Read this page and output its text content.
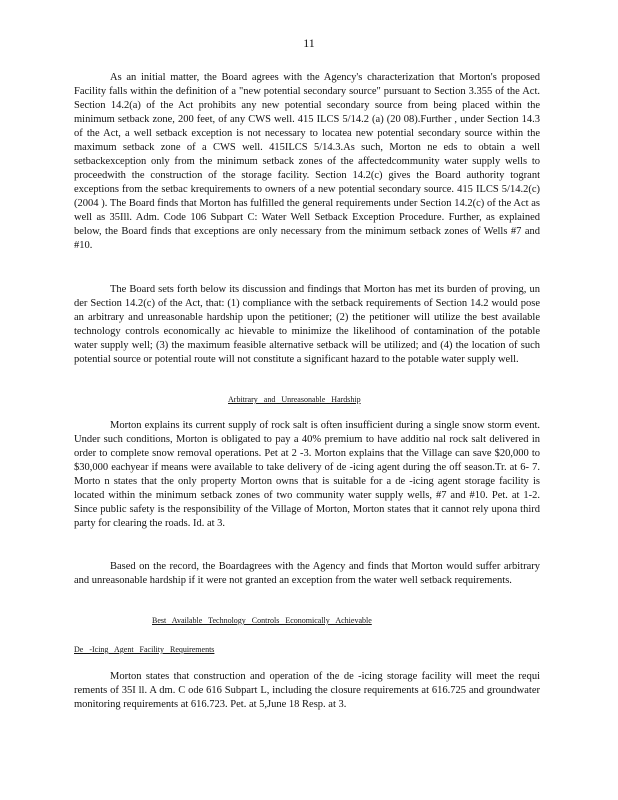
11

As an initial matter, the Board agrees with the Agency's characterization that Morton's proposed Facility falls within the definition of a "new potential secondary source" pursuant to Section 3.355 of the Act. Section 14.2(a) of the Act prohibits any new potential secondary source from being placed within the minimum setback zone, 200 feet, of any CWS well. 415 ILCS 5/14.2 (a) (20 08).Further , under Section 14.3 of the Act, a well setback exception is not necessary to locatea new potential secondary source within the maximum setback zone of a CWS well. 415ILCS 5/14.3.As such, Morton ne eds to obtain a well setbackexception only from the minimum setback zones of the affectedcommunity water supply wells to proceedwith the construction of the storage facility. Section 14.2(c) gives the Board authority togrant exceptions from the setbac krequirements to owners of a new potential secondary source. 415 ILCS 5/14.2(c) (2004 ). The Board finds that Morton has fulfilled the general requirements under Section 14.2(c) of the Act as well as 35Ill. Adm. Code 106 Subpart C: Water Well Setback Exception Procedure. Further, as explained below, the Board finds that exceptions are only necessary from the minimum setback zones of Wells #7 and #10.

The Board sets forth below its discussion and findings that Morton has met its burden of proving, un der Section 14.2(c) of the Act, that: (1) compliance with the setback requirements of Section 14.2 would pose an arbitrary and unreasonable hardship upon the petitioner; (2) the petitioner will utilize the best available technology controls economically ac hievable to minimize the likelihood of contamination of the potable water supply well; (3) the maximum feasible alternative setback will be utilized; and (4) the location of such potential source or potential route will not constitute a significant hazard to the potable water supply well.

Arbitrary and Unreasonable Hardship

Morton explains its current supply of rock salt is often insufficient during a single snow storm event. Under such conditions, Morton is obligated to pay a 40% premium to have additio nal rock salt delivered in order to complete snow removal operations. Pet at 2 -3. Morton explains that the Village can save $20,000 to $30,000 eachyear if means were available to take delivery of de -icing agent during the off season.Tr. at 6- 7. Morto n states that the only property Morton owns that is suitable for a de -icing agent storage facility is located within the minimum setback zones of two community water supply wells, #7 and #10. Pet. at 1-2. Since public safety is the responsibility of the Village of Morton, Morton states that it cannot rely upona third party for clearing the roads. Id. at 3.

Based on the record, the Boardagrees with the Agency and finds that Morton would suffer arbitrary and unreasonable hardship if it were not granted an exception from the water well setback requirements.

Best Available Technology Controls Economically Achievable
De -Icing Agent Facility Requirements

Morton states that construction and operation of the de -icing storage facility will meet the requi rements of 35I ll. A dm. C ode 616 Subpart L, including the closure requirements at 616.725 and groundwater monitoring requirements at 616.723. Pet. at 5,June 18 Resp. at 3.
